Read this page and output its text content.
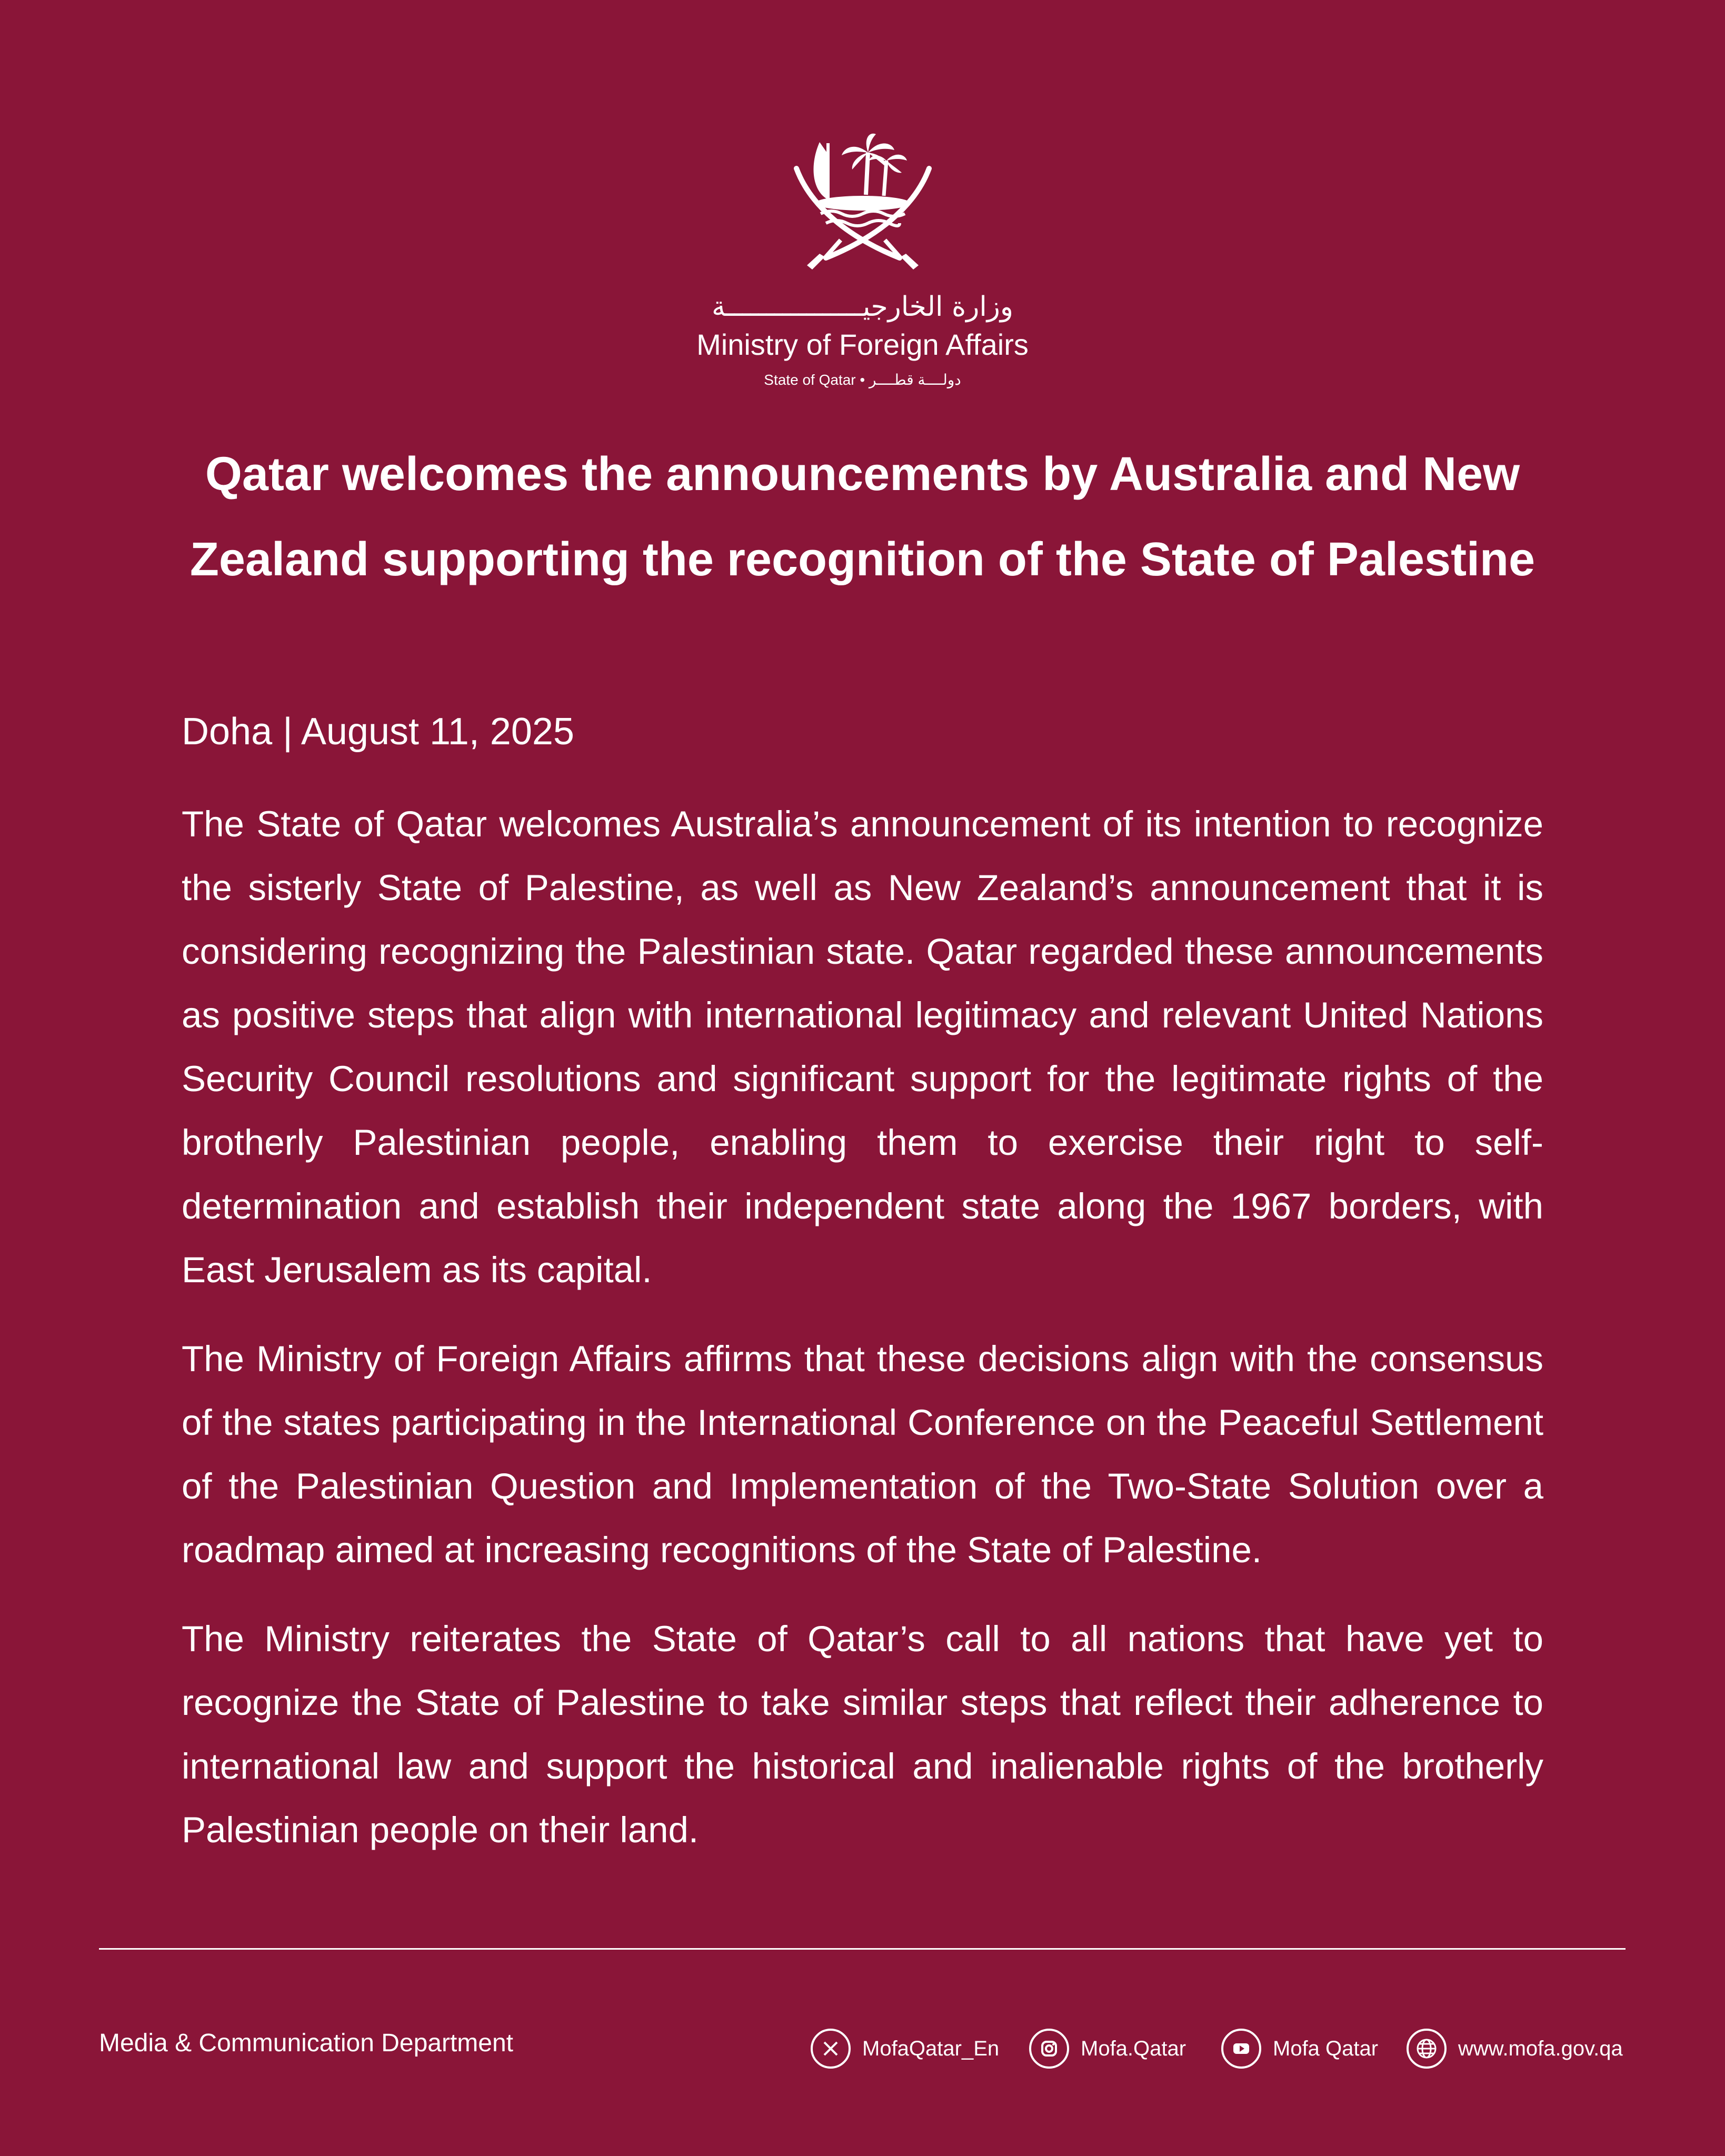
وزارة الخارجيـــــــــــــــــة
Ministry of Foreign Affairs
State of Qatar • دولــــة قطــــر
Qatar welcomes the announcements by Australia and New Zealand supporting the recognition of the State of Palestine

Doha | August 11, 2025

The State of Qatar welcomes Australia’s announcement of its intention to recognize the sisterly State of Palestine, as well as New Zealand’s announcement that it is considering recognizing the Palestinian state. Qatar regarded these announcements as positive steps that align with international legitimacy and relevant United Nations Security Council resolutions and significant support for the legitimate rights of the brotherly Palestinian people, enabling them to exercise their right to self-determination and establish their independent state along the 1967 borders, with East Jerusalem as its capital.

The Ministry of Foreign Affairs affirms that these decisions align with the consensus of the states participating in the International Conference on the Peaceful Settlement of the Palestinian Question and Implementation of the Two-State Solution over a roadmap aimed at increasing recognitions of the State of Palestine.

The Ministry reiterates the State of Qatar’s call to all nations that have yet to recognize the State of Palestine to take similar steps that reflect their adherence to international law and support the historical and inalienable rights of the brotherly Palestinian people on their land.

Media & Communication Department	MofaQatar_En	Mofa.Qatar	Mofa Qatar	www.mofa.gov.qa
